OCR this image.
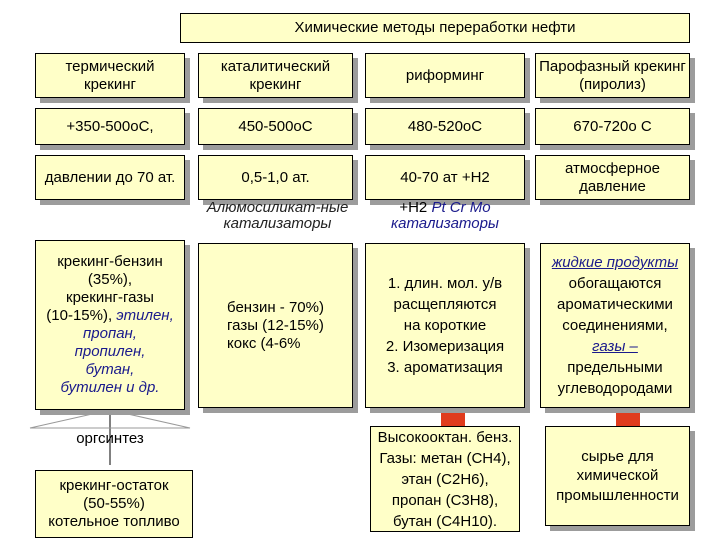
Химические методы переработки нефти
термический крекинг
каталитический крекинг
риформинг
Парофазный крекинг (пиролиз)
+350-500оС,	450-500оС	480-520оС	670-720о С
давлении до 70 ат.	0,5-1,0 ат.	40-70 ат +Н2
атмосферное давление
Алюмосиликат-ные катализаторы
+Н2 Pt Cr Mo
катализаторы
крекинг-бензин
(35%),
крекинг-газы
(10-15%), этилен,
пропан,
пропилен,
бутан,
бутилен и др.
оргсинтез
крекинг-остаток
(50-55%)
котельное топливо
бензин - 70%)
газы (12-15%)
кокс (4-6%
1. длин. мол. у/в
расщепляются
на короткие
2. Изомеризация
3. ароматизация
Высокооктан. бенз.
Газы: метан (СН4),
этан (С2Н6),
пропан (С3Н8),
бутан (С4Н10).
жидкие продукты
обогащаются
ароматическими
соединениями,
газы –
предельными
углеводородами
сырье для
химической
промышленности
